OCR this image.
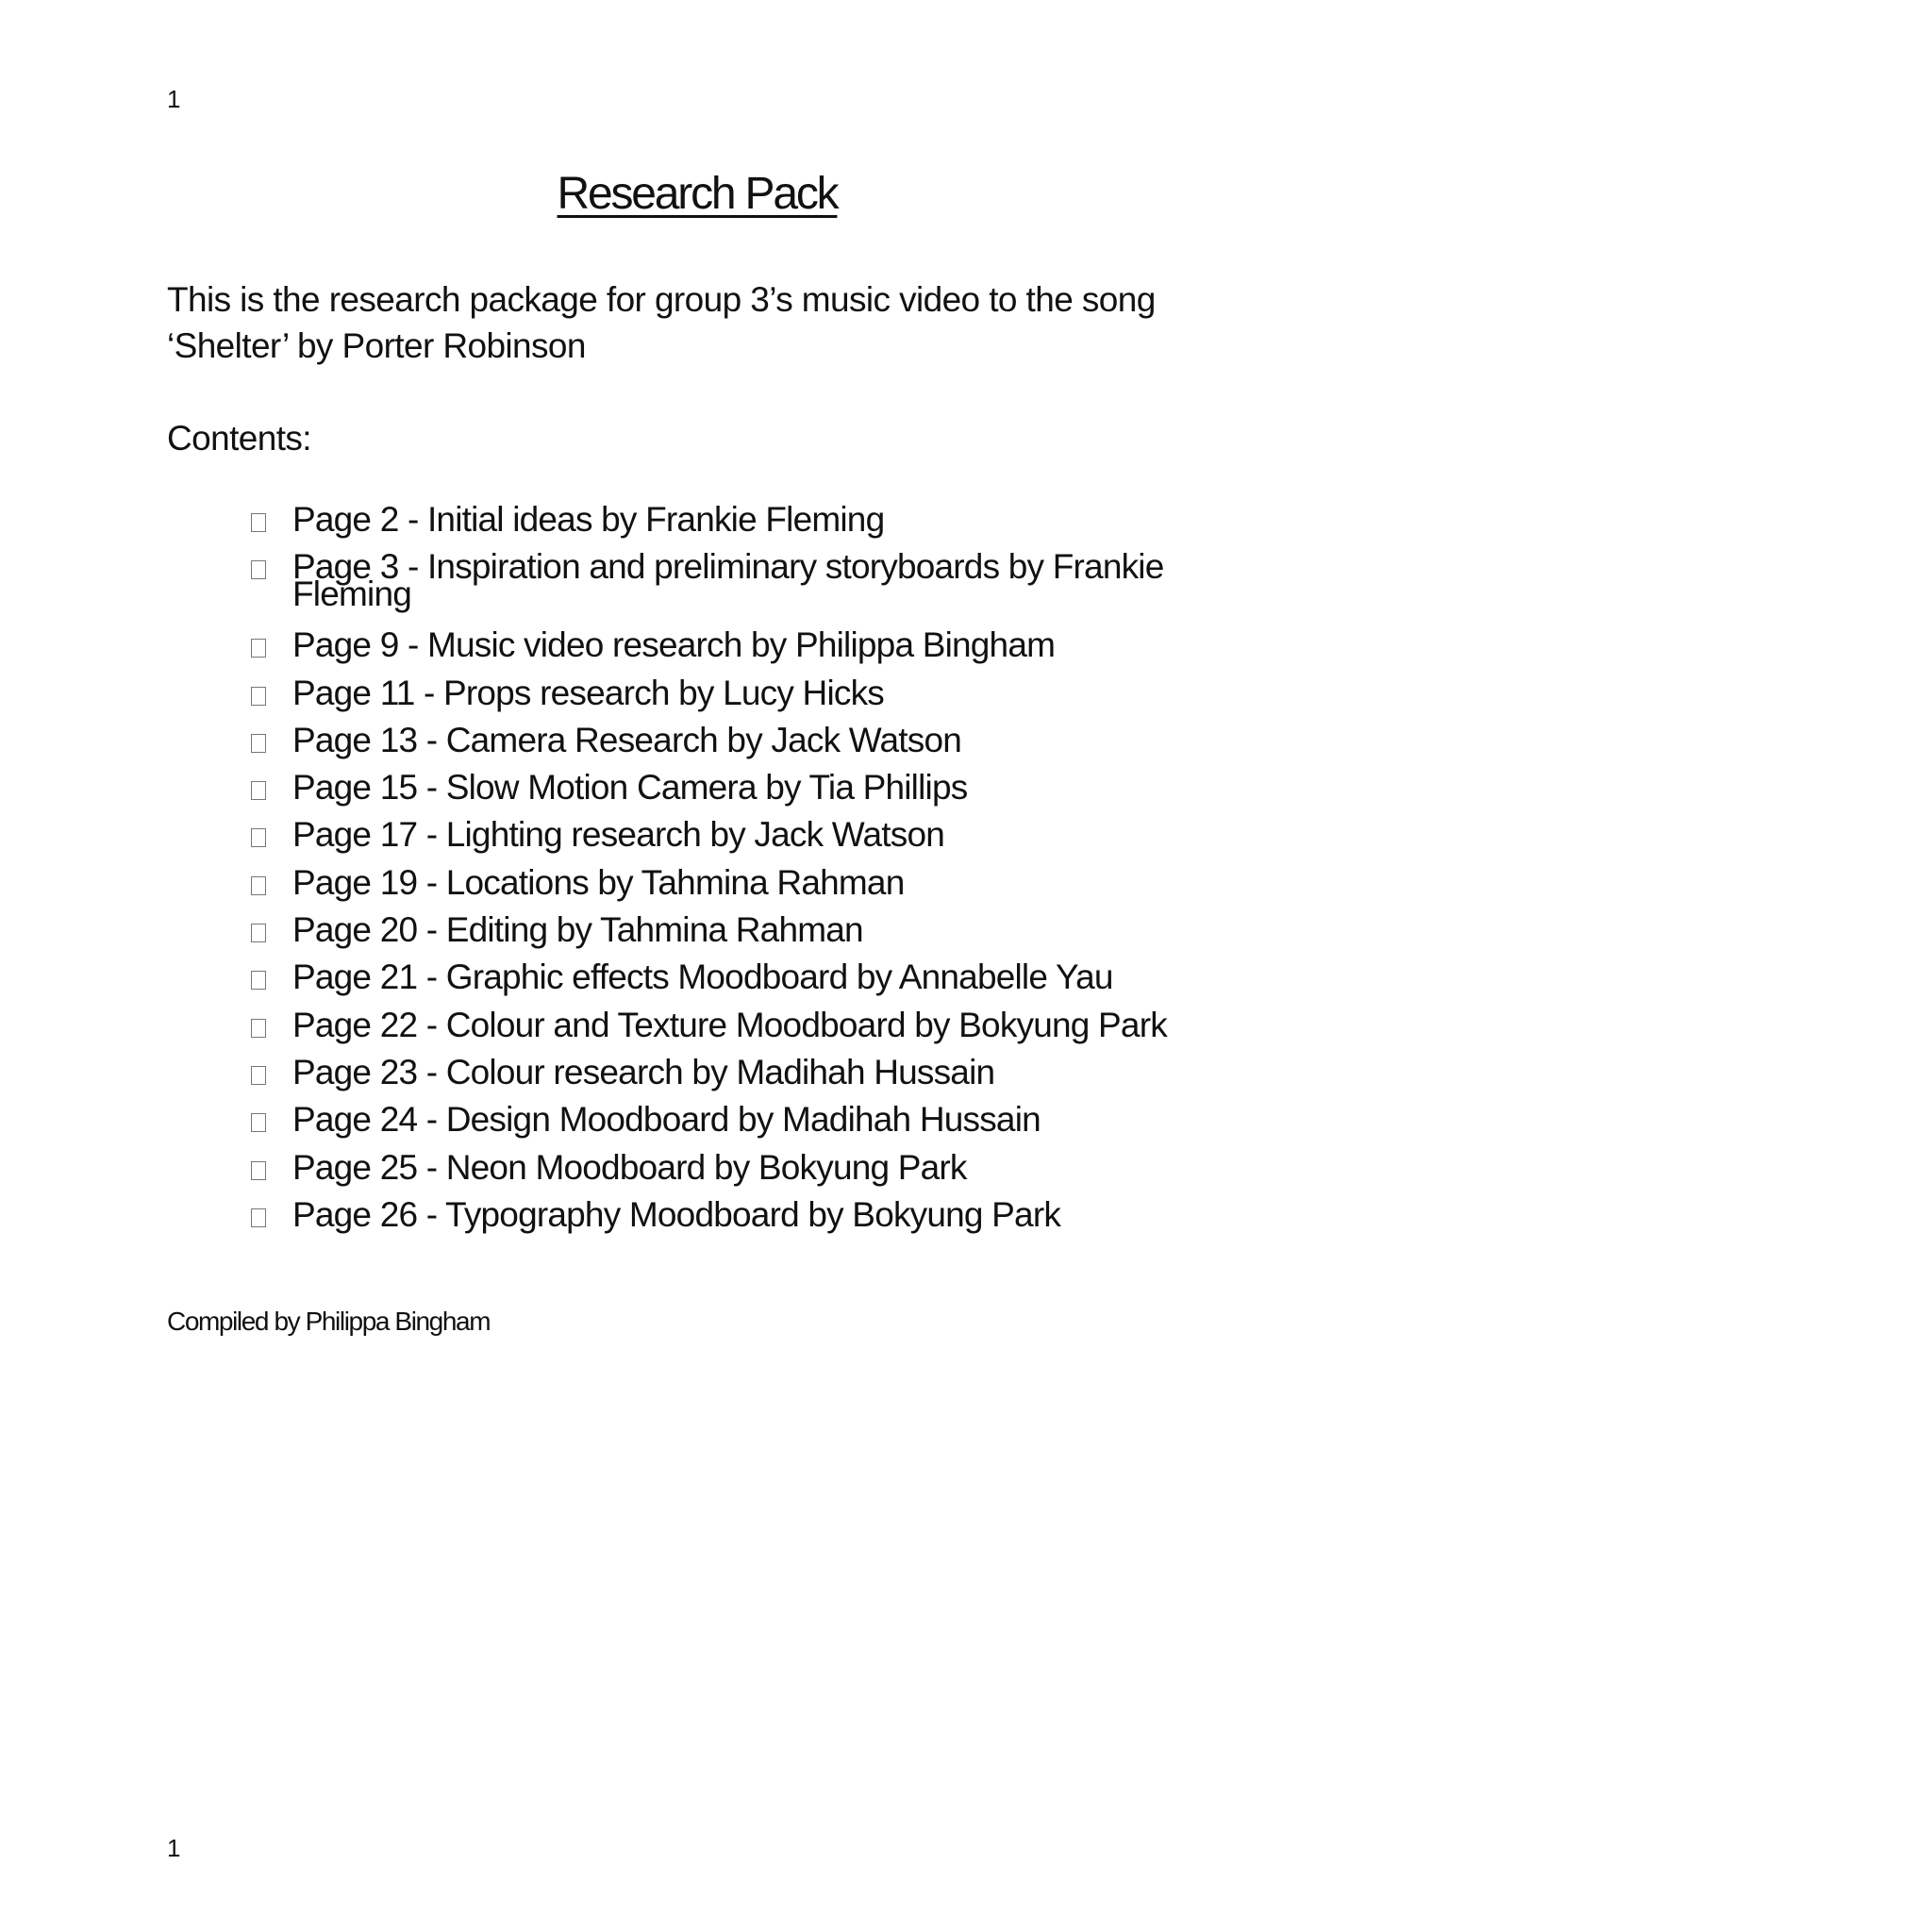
1
Research Pack

This is the research package for group 3’s music video to the song
‘Shelter’ by Porter Robinson

Contents:
Page 2 - Initial ideas by Frankie Fleming
Page 3 - Inspiration and preliminary storyboards by Frankie Fleming
Page 9 - Music video research by Philippa Bingham
Page 11 - Props research by Lucy Hicks
Page 13 - Camera Research by Jack Watson
Page 15 - Slow Motion Camera by Tia Phillips
Page 17 - Lighting research by Jack Watson
Page 19 - Locations by Tahmina Rahman
Page 20 - Editing by Tahmina Rahman
Page 21 - Graphic effects Moodboard by Annabelle Yau
Page 22 - Colour and Texture Moodboard by Bokyung Park
Page 23 - Colour research by Madihah Hussain
Page 24 - Design Moodboard by Madihah Hussain
Page 25 - Neon Moodboard by Bokyung Park
Page 26 - Typography Moodboard by Bokyung Park

Compiled by Philippa Bingham

1
